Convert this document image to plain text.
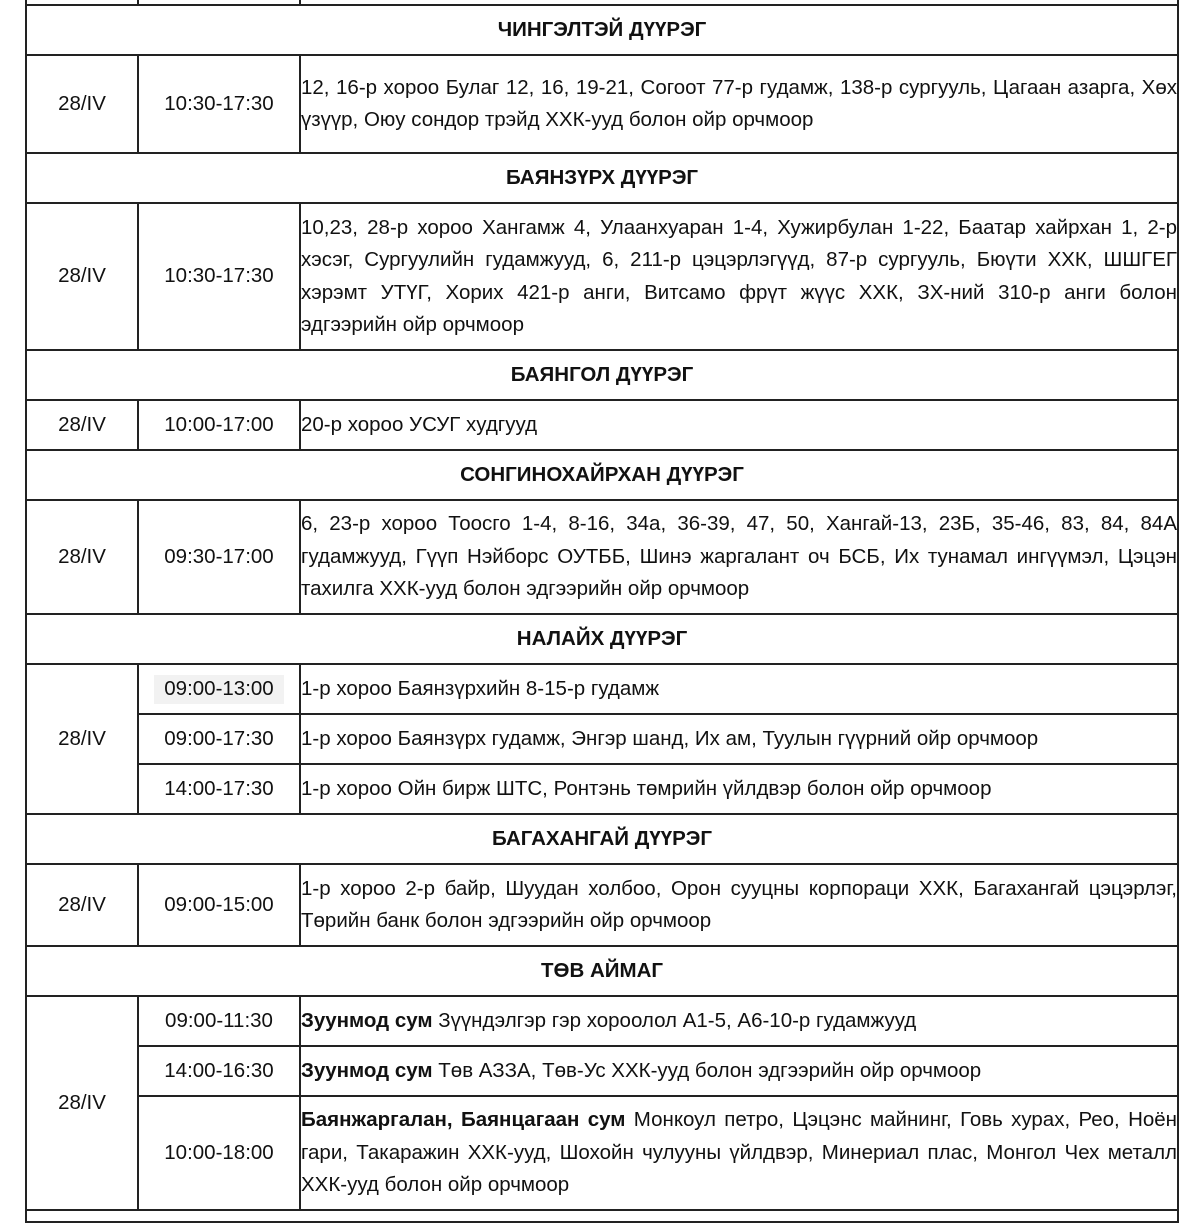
ЧИНГЭЛТЭЙ ДҮҮРЭГ		
28/IV	10:30-17:30	12, 16-р хороо Булаг 12, 16, 19-21, Согоот 77-р гудамж, 138-р сургууль, Цагаан азарга, Хөх үзүүр, Оюу сондор трэйд ХХК-ууд болон ойр орчмоор
БАЯНЗҮРХ ДҮҮРЭГ		
28/IV	10:30-17:30	10,23, 28-р хороо Хангамж 4, Улаанхуаран 1-4, Хужирбулан 1-22, Баатар хайрхан 1, 2-р хэсэг, Сургуулийн гудамжууд, 6, 211-р цэцэрлэгүүд, 87-р сургууль, Бюүти ХХК, ШШГЕГ хэрэмт УТҮГ, Хорих 421-р анги, Витсамо фрүт жүүс ХХК, ЗХ-ний 310-р анги болон эдгээрийн ойр орчмоор
БАЯНГОЛ ДҮҮРЭГ		
28/IV	10:00-17:00	20-р хороо УСУГ худгууд
СОНГИНОХАЙРХАН ДҮҮРЭГ		
28/IV	09:30-17:00	6, 23-р хороо Тоосго 1-4, 8-16, 34а, 36-39, 47, 50, Хангай-13, 23Б, 35-46, 83, 84, 84А гудамжууд, Гүүп Нэйборс ОУТББ, Шинэ жаргалант оч БСБ, Их тунамал ингүүмэл, Цэцэн тахилга ХХК-ууд болон эдгээрийн ойр орчмоор
НАЛАЙХ ДҮҮРЭГ		
28/IV	09:00-13:00	1-р хороо Баянзүрхийн 8-15-р гудамж
	09:00-17:30	1-р хороо Баянзүрх гудамж, Энгэр шанд, Их ам, Туулын гүүрний ойр орчмоор
	14:00-17:30	1-р хороо Ойн бирж ШТС, Ронтэнь төмрийн үйлдвэр болон ойр орчмоор
БАГАХАНГАЙ ДҮҮРЭГ		
28/IV	09:00-15:00	1-р хороо 2-р байр, Шуудан холбоо, Орон сууцны корпораци ХХК, Багахангай цэцэрлэг, Төрийн банк болон эдгээрийн ойр орчмоор
ТӨВ АЙМАГ		
28/IV	09:00-11:30	Зуунмод сум Зүүндэлгэр гэр хороолол А1-5, А6-10-р гудамжууд
	14:00-16:30	Зуунмод сум Төв АЗЗА, Төв-Ус ХХК-ууд болон эдгээрийн ойр орчмоор
	10:00-18:00	Баянжаргалан, Баянцагаан сум Монкоул петро, Цэцэнс майнинг, Говь хурах, Рео, Ноён гари, Такаражин ХХК-ууд, Шохойн чулууны үйлдвэр, Минериал плас, Монгол Чех металл ХХК-ууд болон ойр орчмоор
